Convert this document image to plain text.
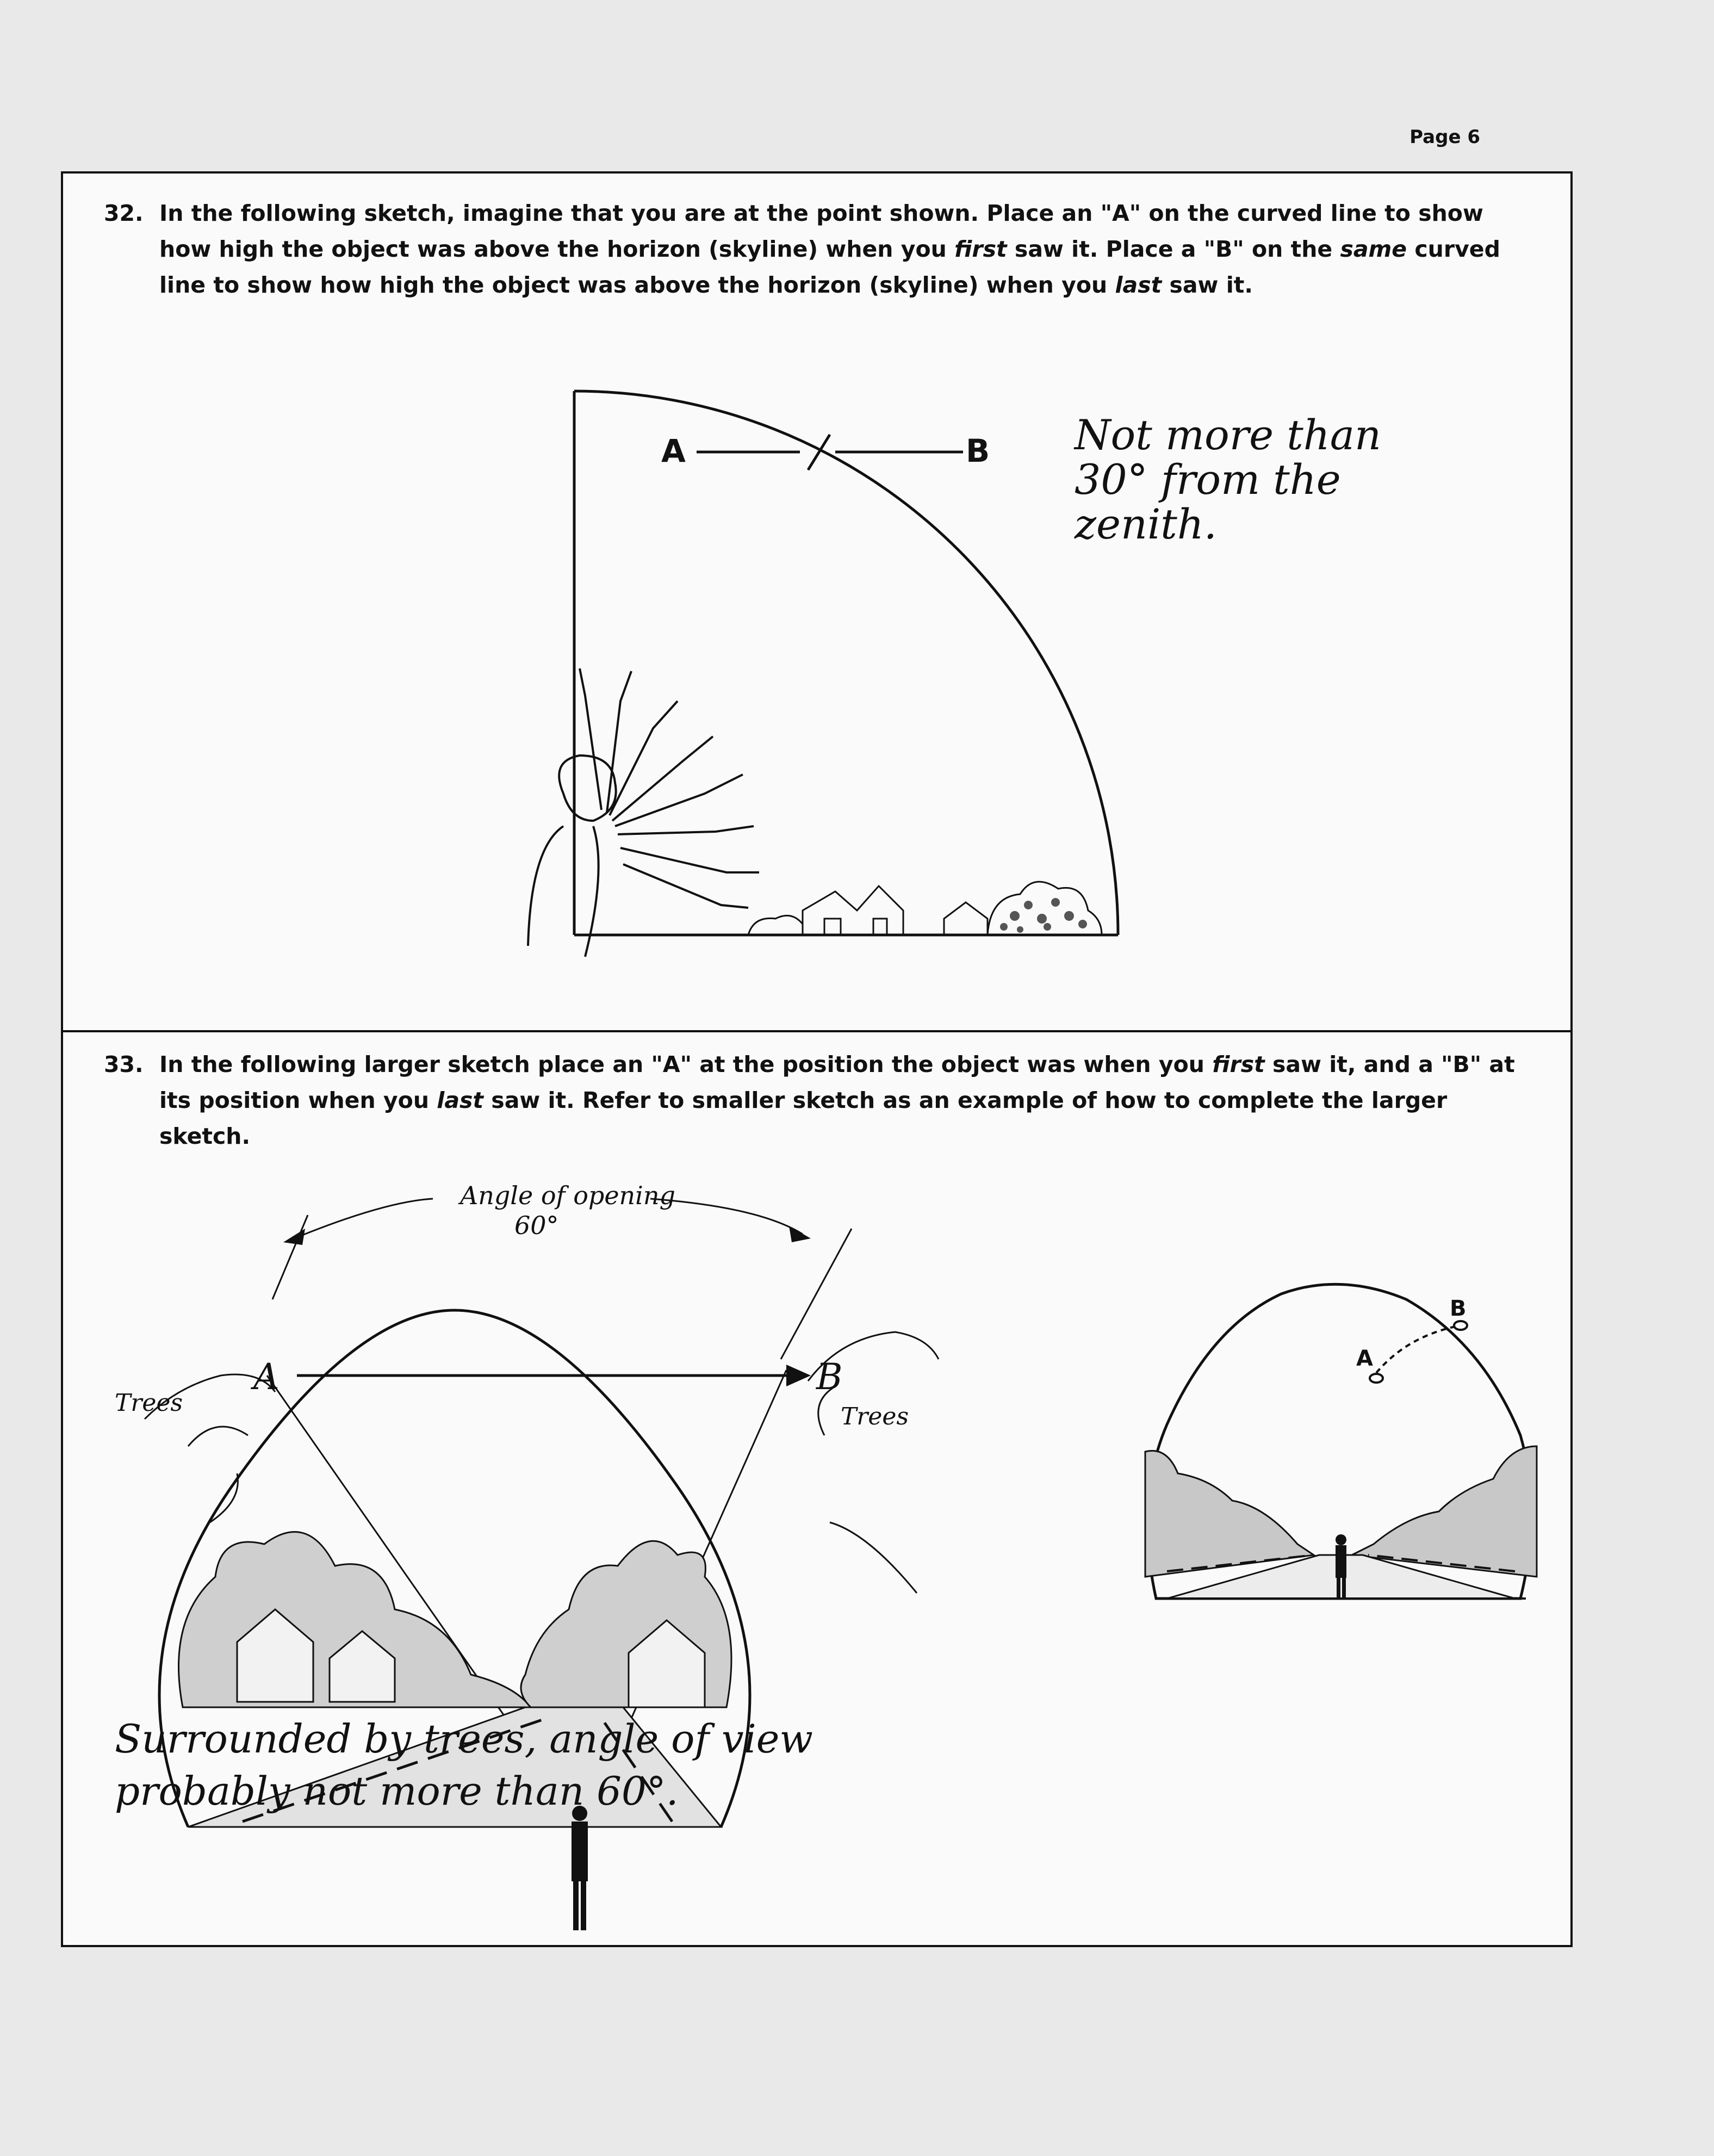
Page 6
32. In the following sketch, imagine that you are at the point shown. Place an "A" on the curved line to show how high the object was above the horizon (skyline) when you first saw it. Place a "B" on the same curved line to show how high the object was above the horizon (skyline) when you last saw it.
A	B Not more than
30° from the
zenith.
33. In the following larger sketch place an "A" at the position the object was when you first saw it, and a "B" at its position when you last saw it. Refer to smaller sketch as an example of how to complete the larger sketch.
Angle of opening
60°
A	B
Trees	Trees
A
B
Surrounded by trees, angle of view
probably not more than 60°.
